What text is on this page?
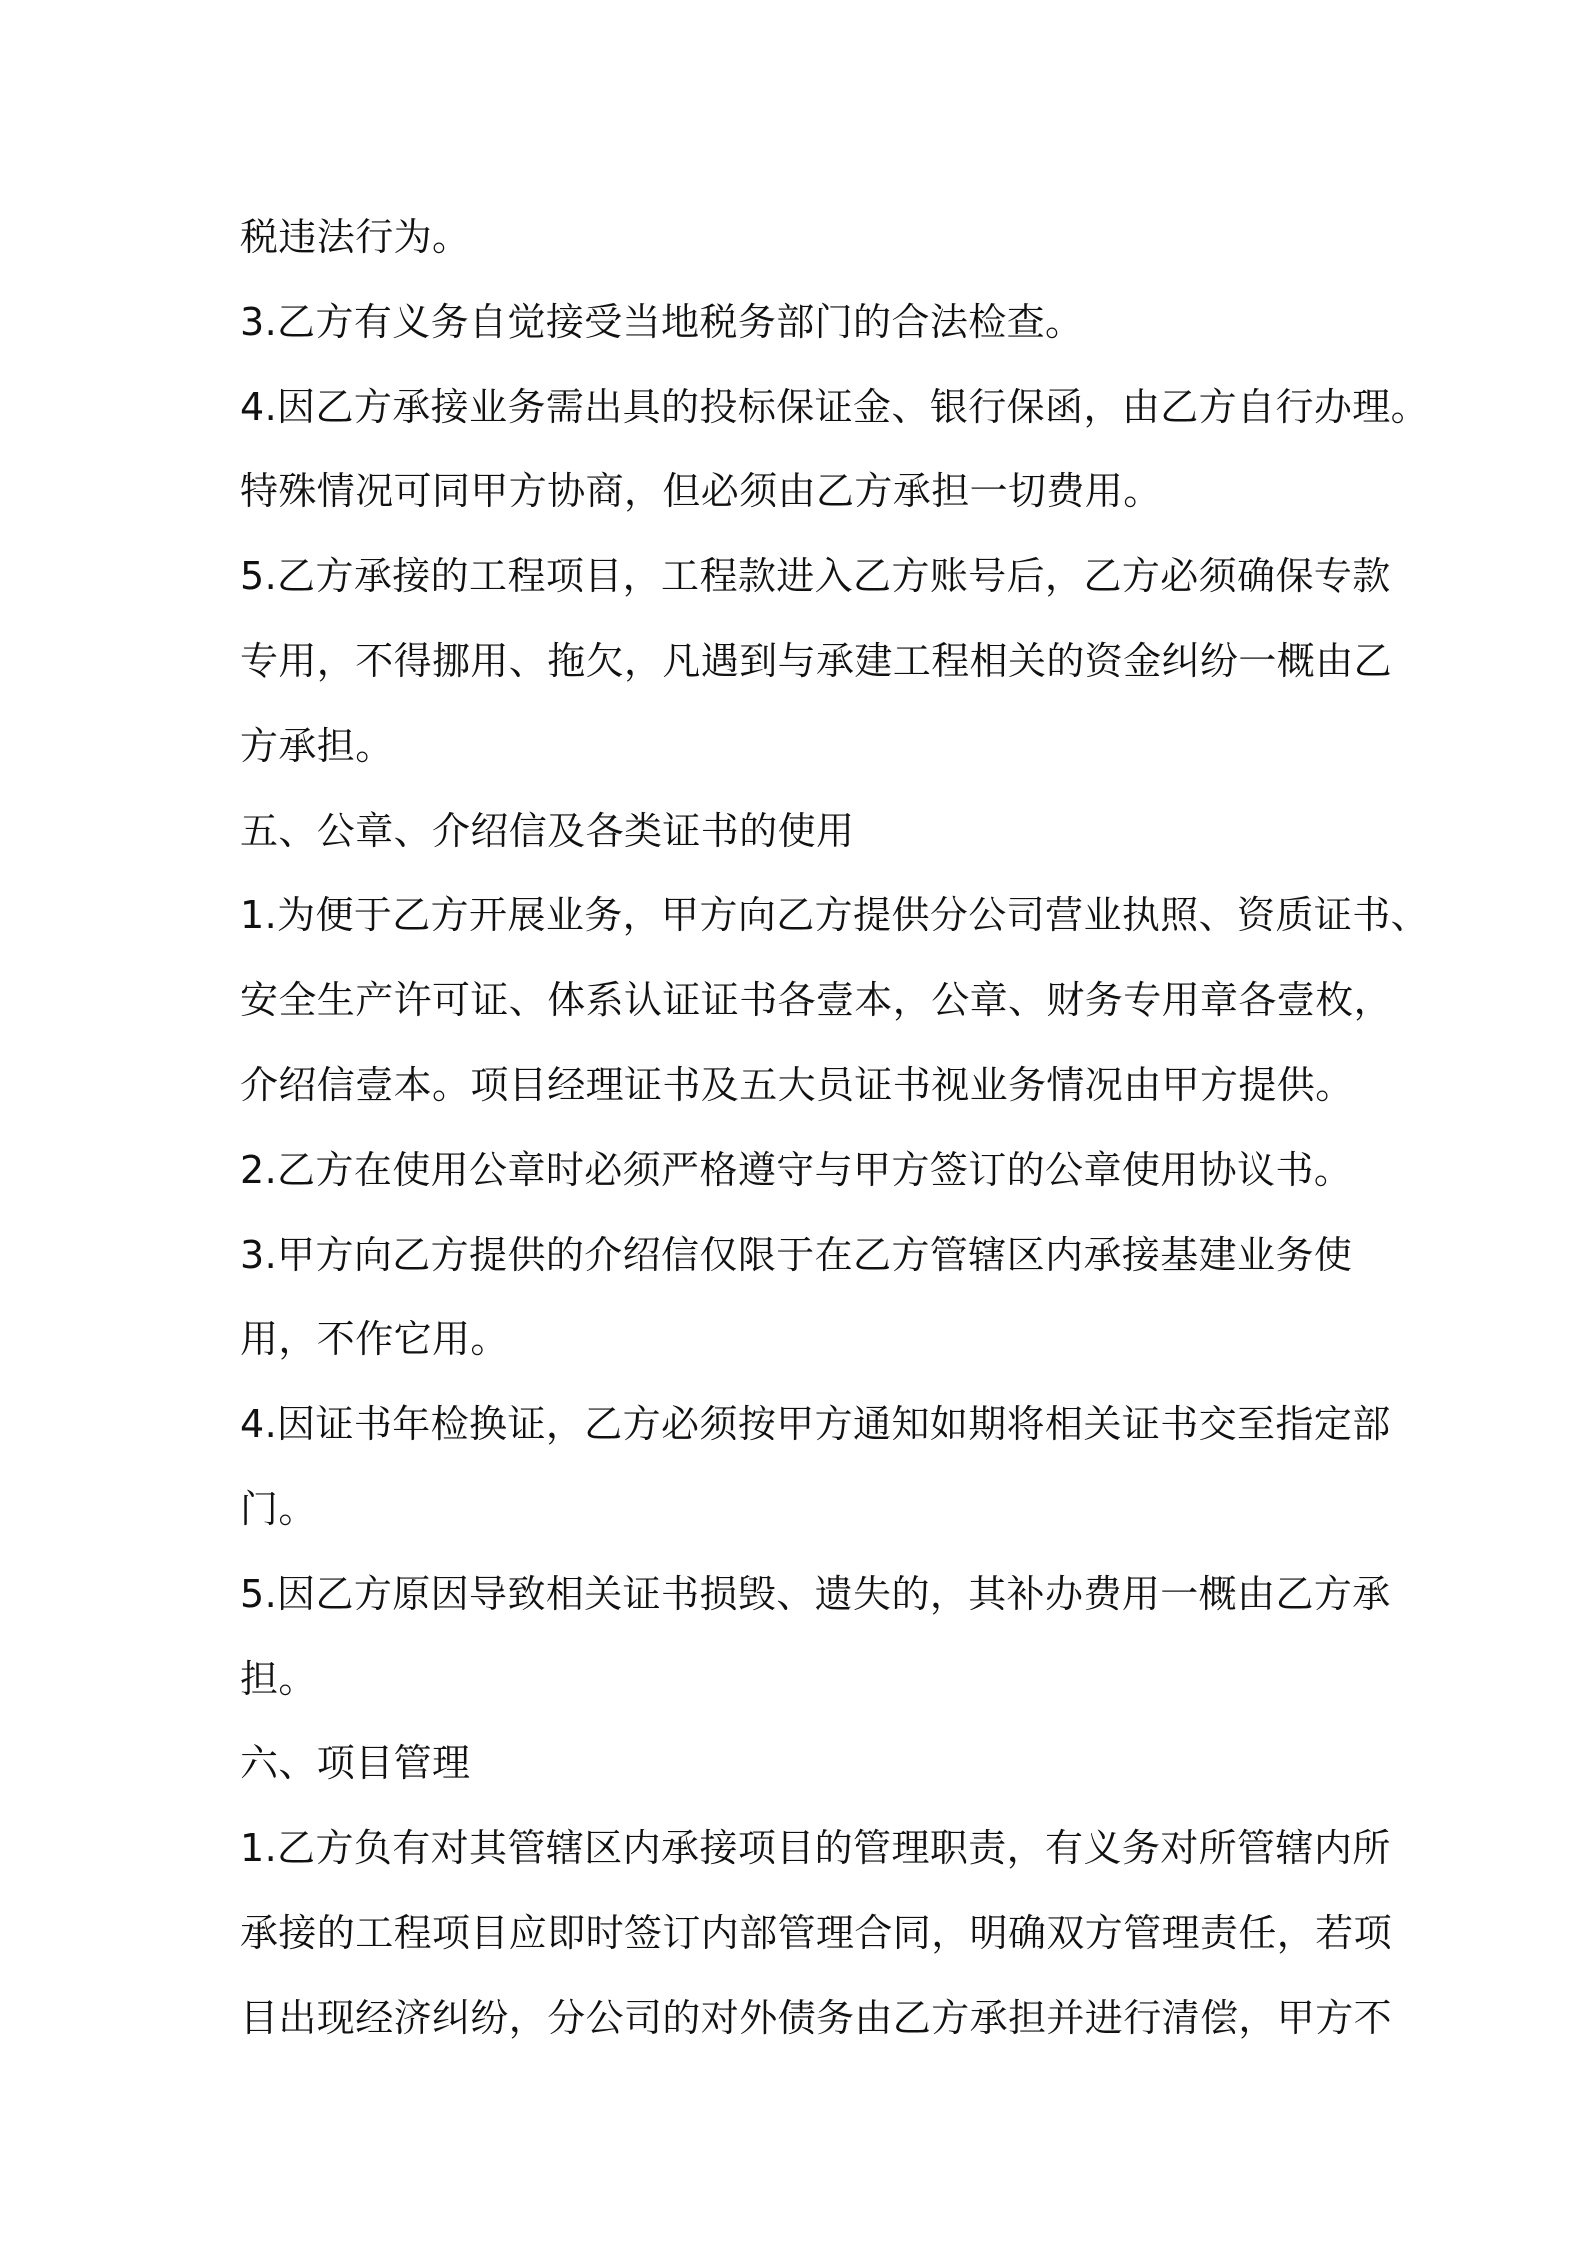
税违法行为。
3.乙方有义务自觉接受当地税务部门的合法检查。
4.因乙方承接业务需出具的投标保证金、银行保函，由乙方自行办理。
特殊情况可同甲方协商，但必须由乙方承担一切费用。
5.乙方承接的工程项目，工程款进入乙方账号后，乙方必须确保专款
专用，不得挪用、拖欠，凡遇到与承建工程相关的资金纠纷一概由乙
方承担。
五、公章、介绍信及各类证书的使用
1.为便于乙方开展业务，甲方向乙方提供分公司营业执照、资质证书、
安全生产许可证、体系认证证书各壹本，公章、财务专用章各壹枚，
介绍信壹本。项目经理证书及五大员证书视业务情况由甲方提供。
2.乙方在使用公章时必须严格遵守与甲方签订的公章使用协议书。
3.甲方向乙方提供的介绍信仅限于在乙方管辖区内承接基建业务使
用，不作它用。
4.因证书年检换证，乙方必须按甲方通知如期将相关证书交至指定部
门。
5.因乙方原因导致相关证书损毁、遗失的，其补办费用一概由乙方承
担。
六、项目管理
1.乙方负有对其管辖区内承接项目的管理职责，有义务对所管辖内所
承接的工程项目应即时签订内部管理合同，明确双方管理责任，若项
目出现经济纠纷，分公司的对外债务由乙方承担并进行清偿，甲方不
